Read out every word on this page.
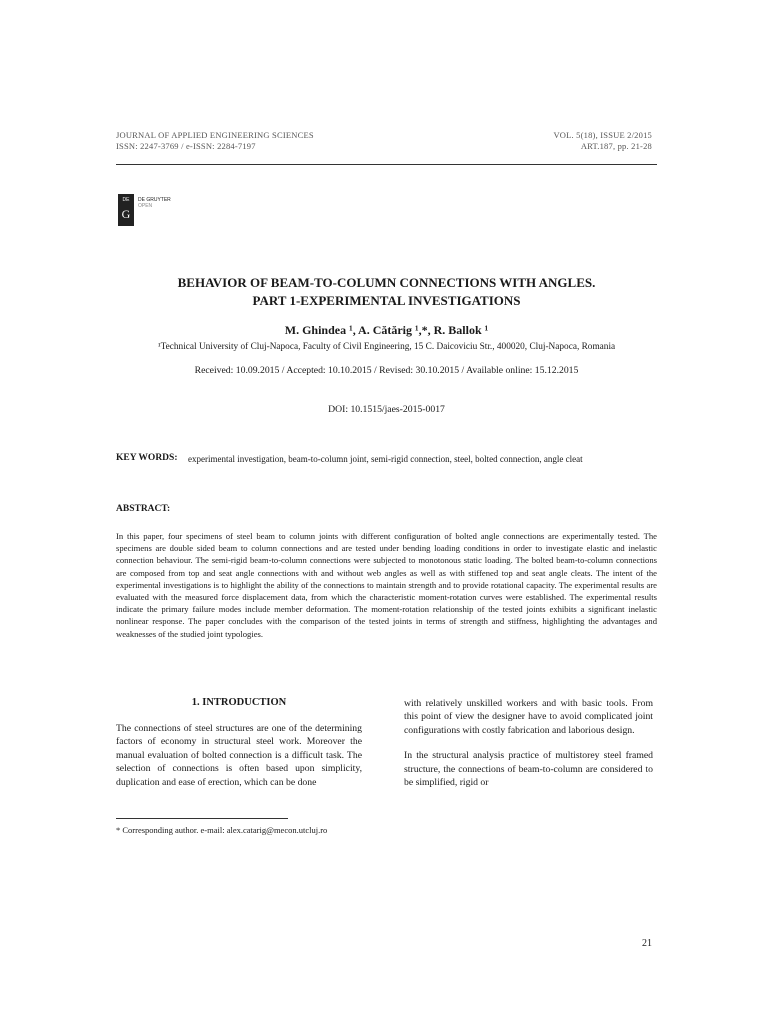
JOURNAL OF APPLIED ENGINEERING SCIENCES
ISSN: 2247-3769 / e-ISSN: 2284-7197
VOL. 5(18), ISSUE 2/2015
ART.187, pp. 21-28
DE
G
DE GRUYTER
OPEN
BEHAVIOR OF BEAM-TO-COLUMN CONNECTIONS WITH ANGLES.
PART 1-EXPERIMENTAL INVESTIGATIONS
M. Ghindea ¹, A. Cătărig ¹,*, R. Ballok ¹
¹Technical University of Cluj-Napoca, Faculty of Civil Engineering, 15 C. Daicoviciu Str., 400020, Cluj-Napoca, Romania
Received: 10.09.2015 / Accepted: 10.10.2015 / Revised: 30.10.2015 / Available online: 15.12.2015
DOI: 10.1515/jaes-2015-0017
KEY WORDS: experimental investigation, beam-to-column joint, semi-rigid connection, steel, bolted connection, angle cleat
ABSTRACT:
In this paper, four specimens of steel beam to column joints with different configuration of bolted angle connections are experimentally tested. The specimens are double sided beam to column connections and are tested under bending loading conditions in order to investigate elastic and inelastic connection behaviour. The semi-rigid beam-to-column connections were subjected to monotonous static loading. The bolted beam-to-column connections are composed from top and seat angle connections with and without web angles as well as with stiffened top and seat angle cleats. The intent of the experimental investigations is to highlight the ability of the connections to maintain strength and to provide rotational capacity. The experimental results are evaluated with the measured force displacement data, from which the characteristic moment-rotation curves were established. The experimental results indicate the primary failure modes include member deformation. The moment-rotation relationship of the tested joints exhibits a significant inelastic nonlinear response. The paper concludes with the comparison of the tested joints in terms of strength and stiffness, highlighting the advantages and weaknesses of the studied joint typologies.
1. INTRODUCTION
The connections of steel structures are one of the determining factors of economy in structural steel work. Moreover the manual evaluation of bolted connection is a difficult task. The selection of connections is often based upon simplicity, duplication and ease of erection, which can be done

with relatively unskilled workers and with basic tools. From this point of view the designer have to avoid complicated joint configurations with costly fabrication and laborious design.

In the structural analysis practice of multistorey steel framed structure, the connections of beam-to-column are considered to be simplified, rigid or

* Corresponding author. e-mail: alex.catarig@mecon.utcluj.ro
21
